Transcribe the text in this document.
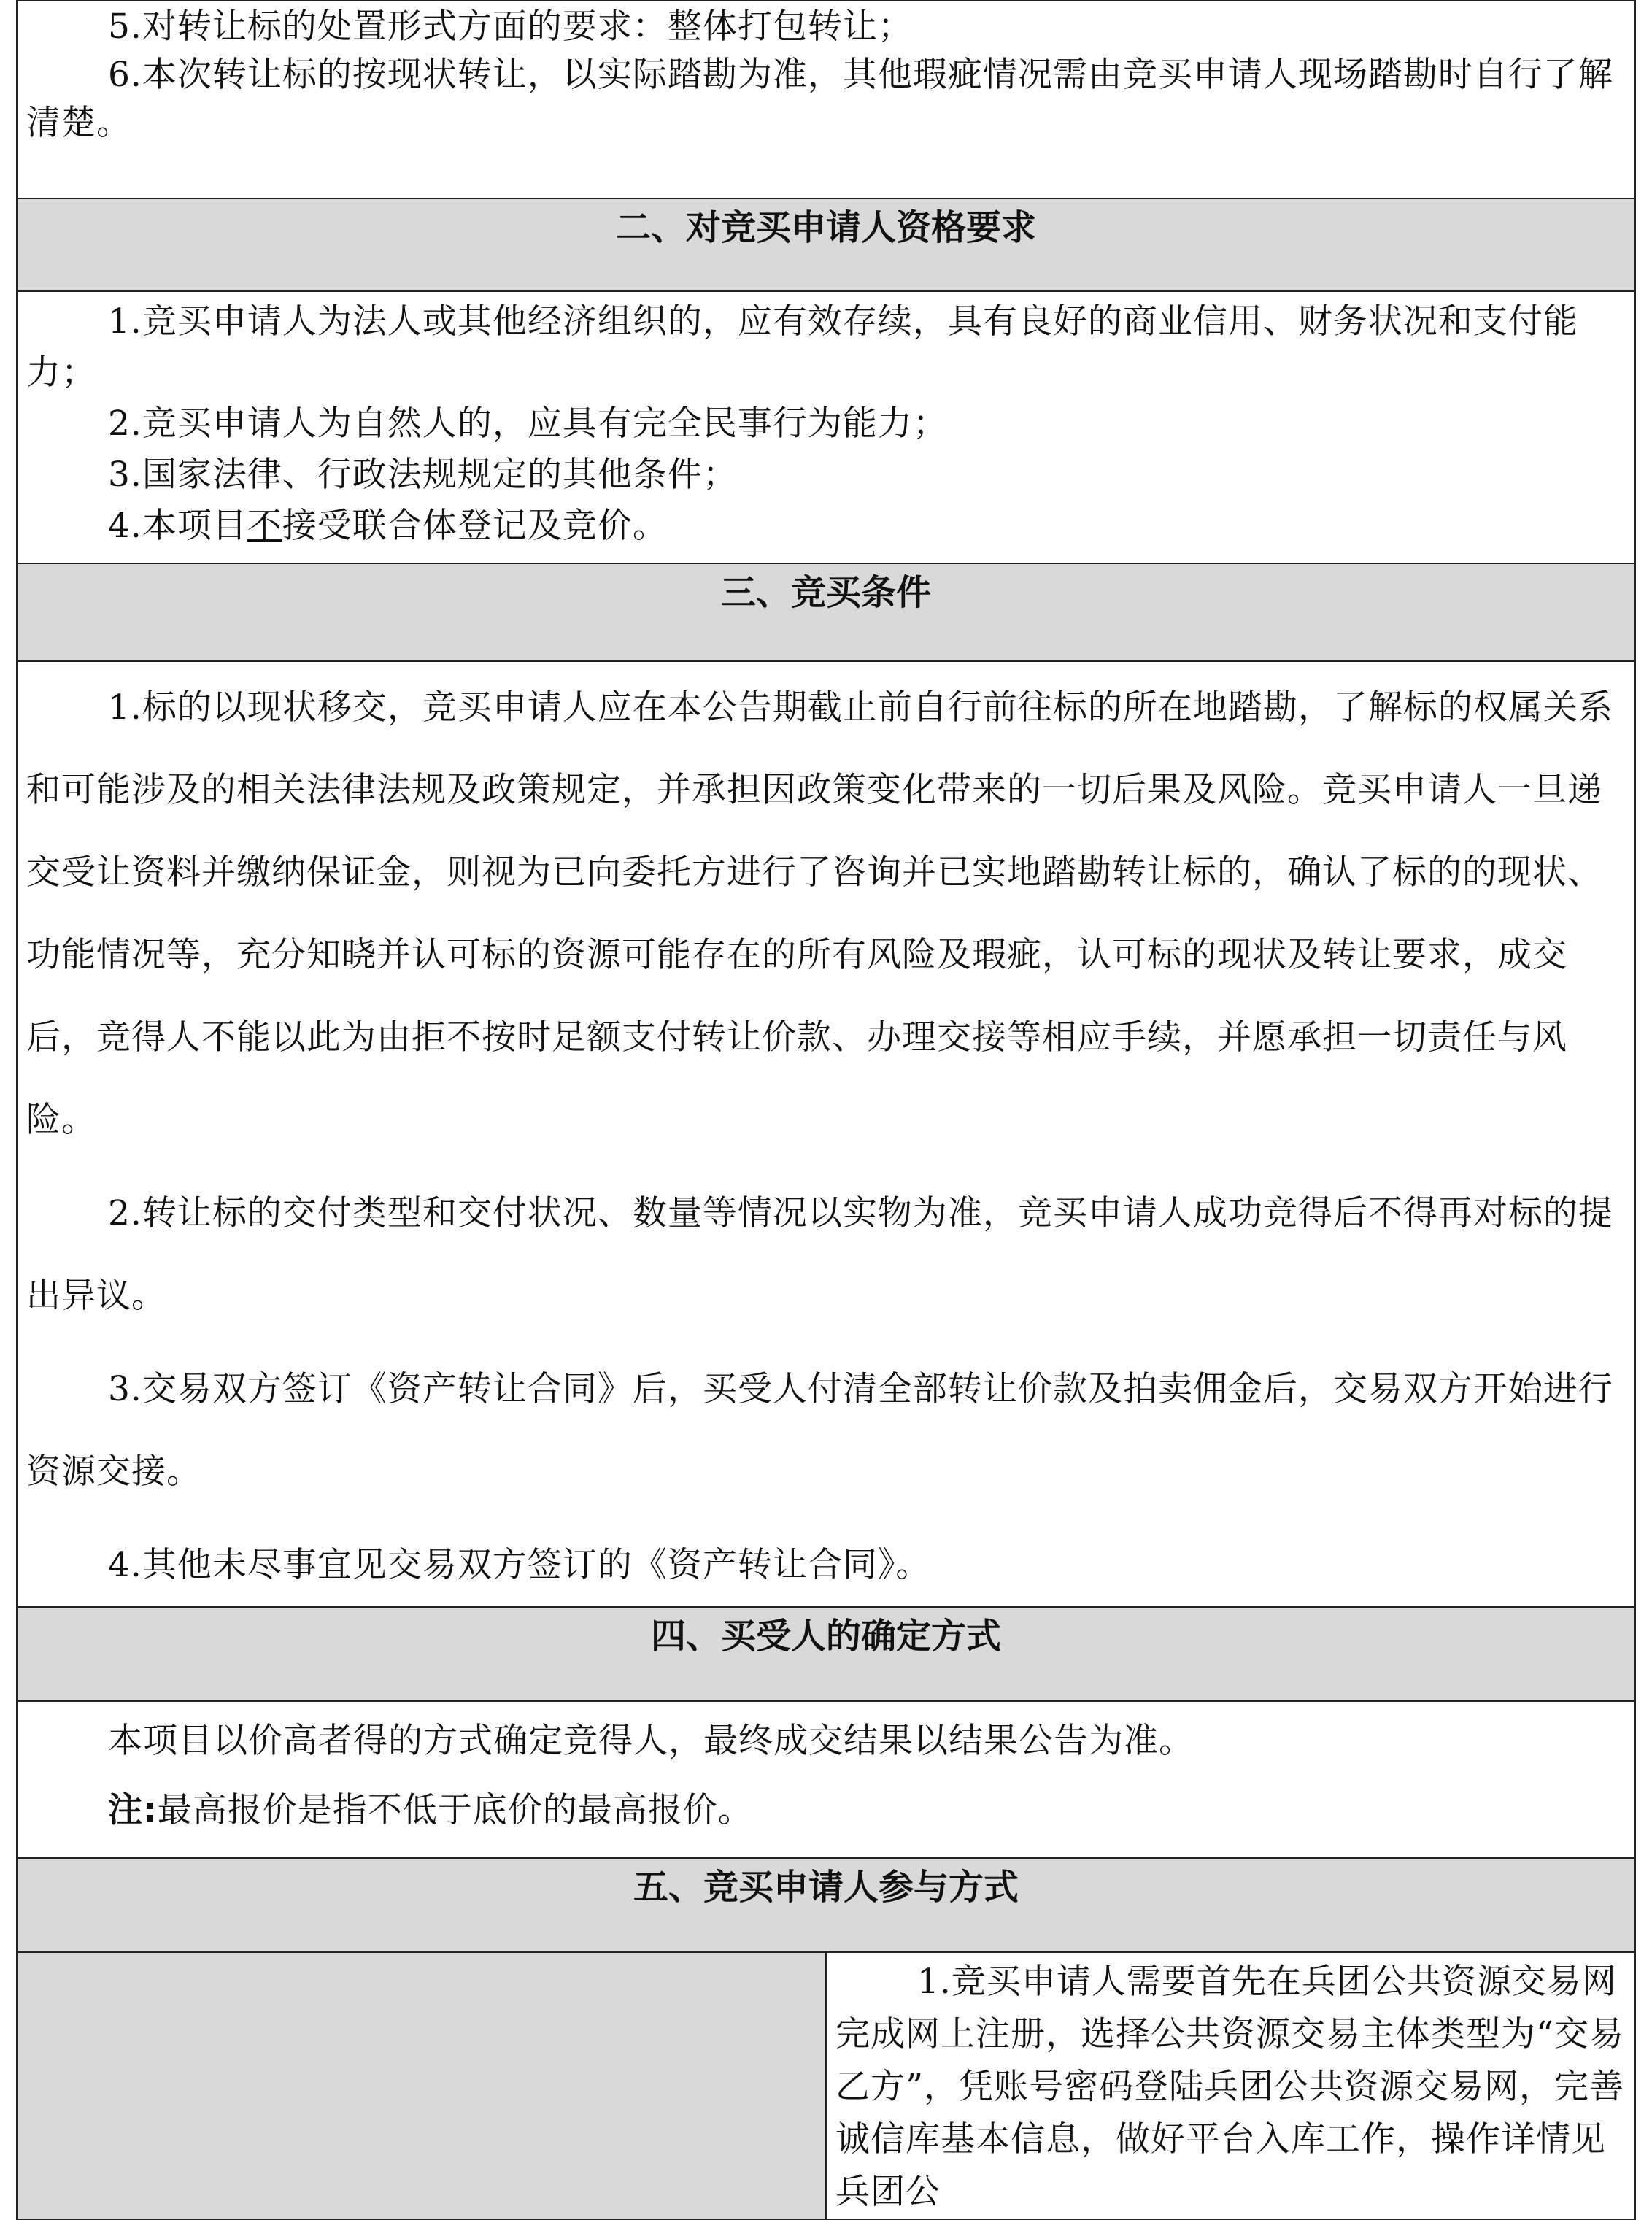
5.对转让标的处置形式方面的要求：整体打包转让；

6.本次转让标的按现状转让，以实际踏勘为准，其他瑕疵情况需由竞买申请人现场踏勘时自行了解清楚。

二、对竞买申请人资格要求

1.竞买申请人为法人或其他经济组织的，应有效存续，具有良好的商业信用、财务状况和支付能力；

2.竞买申请人为自然人的，应具有完全民事行为能力；

3.国家法律、行政法规规定的其他条件；

4.本项目不接受联合体登记及竞价。

三、竞买条件

1.标的以现状移交，竞买申请人应在本公告期截止前自行前往标的所在地踏勘，了解标的权属关系和可能涉及的相关法律法规及政策规定，并承担因政策变化带来的一切后果及风险。竞买申请人一旦递交受让资料并缴纳保证金，则视为已向委托方进行了咨询并已实地踏勘转让标的，确认了标的的现状、功能情况等，充分知晓并认可标的资源可能存在的所有风险及瑕疵，认可标的现状及转让要求，成交后，竞得人不能以此为由拒不按时足额支付转让价款、办理交接等相应手续，并愿承担一切责任与风险。

2.转让标的交付类型和交付状况、数量等情况以实物为准，竞买申请人成功竞得后不得再对标的提出异议。

3.交易双方签订《资产转让合同》后，买受人付清全部转让价款及拍卖佣金后，交易双方开始进行资源交接。

4.其他未尽事宜见交易双方签订的《资产转让合同》。

四、买受人的确定方式

本项目以价高者得的方式确定竞得人，最终成交结果以结果公告为准。

注:最高报价是指不低于底价的最高报价。

五、竞买申请人参与方式

1.竞买申请人需要首先在兵团公共资源交易网完成网上注册，选择公共资源交易主体类型为“交易乙方”，凭账号密码登陆兵团公共资源交易网，完善诚信库基本信息，做好平台入库工作，操作详情见兵团公
